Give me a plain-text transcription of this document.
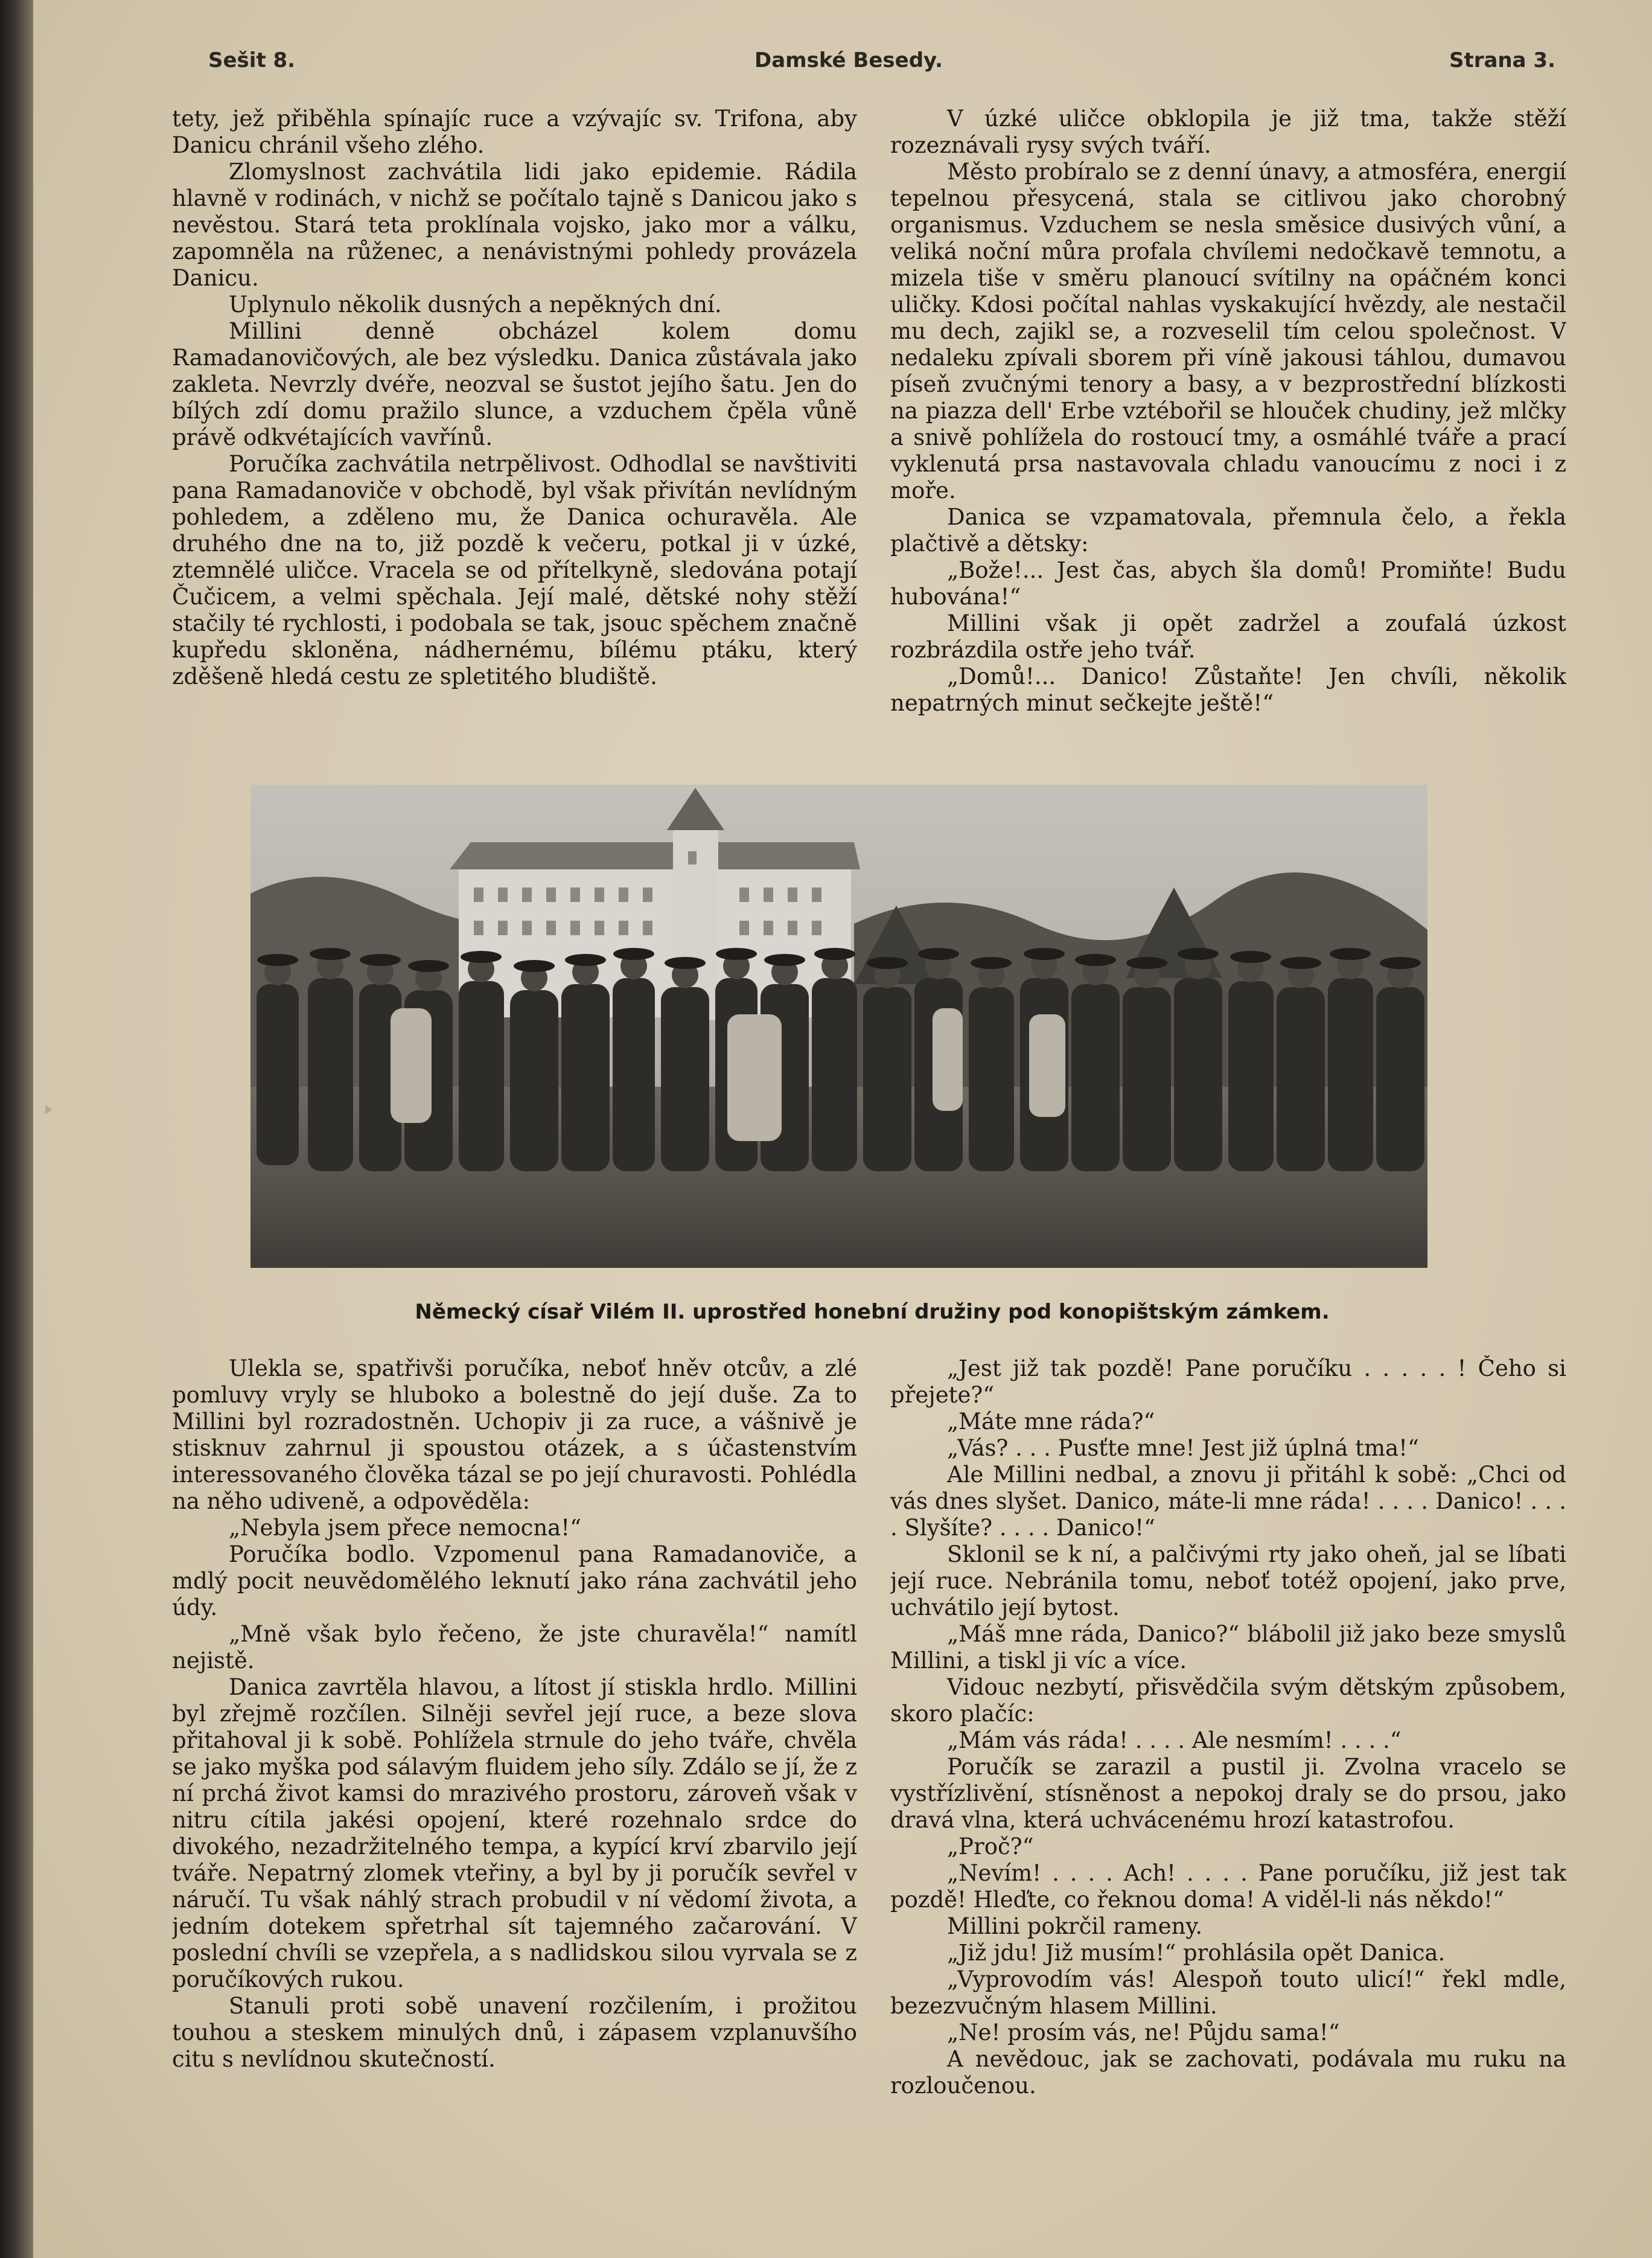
Sešit 8.	Damské Besedy.	Strana 3.

tety, jež přiběhla spínajíc ruce a vzývajíc sv. Trifona, aby Danicu chránil všeho zlého.

Zlomyslnost zachvátila lidi jako epidemie. Rádila hlavně v rodinách, v nichž se počítalo tajně s Danicou jako s nevěstou. Stará teta proklínala vojsko, jako mor a válku, zapomněla na růženec, a nenávistnými pohledy provázela Danicu.

Uplynulo několik dusných a nepěkných dní.

Millini denně obcházel kolem domu Ramadanovičových, ale bez výsledku. Danica zůstávala jako zakleta. Nevrzly dvéře, neozval se šustot jejího šatu. Jen do bílých zdí domu pražilo slunce, a vzduchem čpěla vůně právě odkvétajících vavřínů.

Poručíka zachvátila netrpělivost. Odhodlal se navštiviti pana Ramadanoviče v obchodě, byl však přivítán nevlídným pohledem, a zděleno mu, že Danica ochuravěla. Ale druhého dne na to, již pozdě k večeru, potkal ji v úzké, ztemnělé uličce. Vracela se od přítelkyně, sledována potají Čučicem, a velmi spěchala. Její malé, dětské nohy stěží stačily té rychlosti, i podobala se tak, jsouc spěchem značně kupředu skloněna, nádhernému, bílému ptáku, který zděšeně hledá cestu ze spletitého bludiště.

V úzké uličce obklopila je již tma, takže stěží rozeznávali rysy svých tváří.

Město probíralo se z denní únavy, a atmosféra, energií tepelnou přesycená, stala se citlivou jako chorobný organismus. Vzduchem se nesla směsice dusivých vůní, a veliká noční můra profala chvílemi nedočkavě temnotu, a mizela tiše v směru planoucí svítilny na opáčném konci uličky. Kdosi počítal nahlas vyskakující hvězdy, ale nestačil mu dech, zajikl se, a rozveselil tím celou společnost. V nedaleku zpívali sborem při víně jakousi táhlou, dumavou píseň zvučnými tenory a basy, a v bezprostřední blízkosti na piazza dell' Erbe vztébořil se hlouček chudiny, jež mlčky a snivě pohlížela do rostoucí tmy, a osmáhlé tváře a prací vyklenutá prsa nastavovala chladu vanoucímu z noci i z moře.

Danica se vzpamatovala, přemnula čelo, a řekla plačtivě a dětsky:

„Bože!... Jest čas, abych šla domů! Promiňte! Budu hubována!“

Millini však ji opět zadržel a zoufalá úzkost rozbrázdila ostře jeho tvář.

„Domů!... Danico! Zůstaňte! Jen chvíli, několik nepatrných minut sečkejte ještě!“

Německý císař Vilém II. uprostřed honební družiny pod konopištským zámkem.

Ulekla se, spatřivši poručíka, neboť hněv otcův, a zlé pomluvy vryly se hluboko a bolestně do její duše. Za to Millini byl rozradostněn. Uchopiv ji za ruce, a vášnivě je stisknuv zahrnul ji spoustou otázek, a s účastenstvím interessovaného člověka tázal se po její churavosti. Pohlédla na něho udiveně, a odpověděla:

„Nebyla jsem přece nemocna!“

Poručíka bodlo. Vzpomenul pana Ramadanoviče, a mdlý pocit neuvědomělého leknutí jako rána zachvátil jeho údy.

„Mně však bylo řečeno, že jste churavěla!“ namítl nejistě.

Danica zavrtěla hlavou, a lítost jí stiskla hrdlo. Millini byl zřejmě rozčílen. Silněji sevřel její ruce, a beze slova přitahoval ji k sobě. Pohlížela strnule do jeho tváře, chvěla se jako myška pod sálavým fluidem jeho síly. Zdálo se jí, že z ní prchá život kamsi do mrazivého prostoru, zároveň však v nitru cítila jakési opojení, které rozehnalo srdce do divokého, nezadržitelného tempa, a kypící krví zbarvilo její tváře. Nepatrný zlomek vteřiny, a byl by ji poručík sevřel v náručí. Tu však náhlý strach probudil v ní vědomí života, a jedním dotekem spřetrhal sít tajemného začarování. V poslední chvíli se vzepřela, a s nadlidskou silou vyrvala se z poručíkových rukou.

Stanuli proti sobě unavení rozčilením, i prožitou touhou a steskem minulých dnů, i zápasem vzplanuvšího citu s nevlídnou skutečností.

„Jest již tak pozdě! Pane poručíku . . . . . ! Čeho si přejete?“

„Máte mne ráda?“

„Vás? . . . Pusťte mne! Jest již úplná tma!“

Ale Millini nedbal, a znovu ji přitáhl k sobě: „Chci od vás dnes slyšet. Danico, máte-li mne ráda! . . . . Danico! . . . . Slyšíte? . . . . Danico!“

Sklonil se k ní, a palčivými rty jako oheň, jal se líbati její ruce. Nebránila tomu, neboť totéž opojení, jako prve, uchvátilo její bytost.

„Máš mne ráda, Danico?“ blábolil již jako beze smyslů Millini, a tiskl ji víc a více.

Vidouc nezbytí, přisvědčila svým dětským způsobem, skoro plačíc:

„Mám vás ráda! . . . . Ale nesmím! . . . .“

Poručík se zarazil a pustil ji. Zvolna vracelo se vystřízlivění, stísněnost a nepokoj draly se do prsou, jako dravá vlna, která uchvácenému hrozí katastrofou.

„Proč?“

„Nevím! . . . . Ach! . . . . Pane poručíku, již jest tak pozdě! Hleďte, co řeknou doma! A viděl-li nás někdo!“

Millini pokrčil rameny.

„Již jdu! Již musím!“ prohlásila opět Danica.

„Vyprovodím vás! Alespoň touto ulicí!“ řekl mdle, bezezvučným hlasem Millini.

„Ne! prosím vás, ne! Půjdu sama!“

A nevědouc, jak se zachovati, podávala mu ruku na rozloučenou.
